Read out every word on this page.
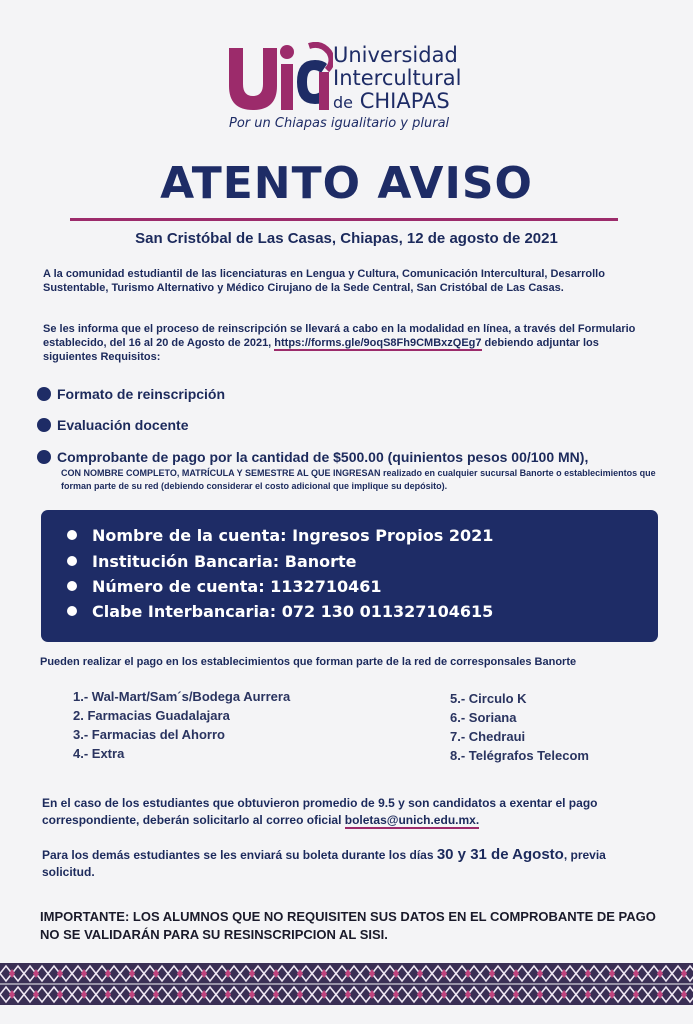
Universidad
Intercultural
de CHIAPAS
Por un Chiapas igualitario y plural
ATENTO AVISO
San Cristóbal de Las Casas, Chiapas, 12 de agosto de 2021
A la comunidad estudiantil de las licenciaturas en Lengua y Cultura, Comunicación Intercultural, Desarrollo Sustentable, Turismo Alternativo y Médico Cirujano de la Sede Central, San Cristóbal de Las Casas.
Se les informa que el proceso de reinscripción se llevará a cabo en la modalidad en línea, a través del Formulario establecido, del 16 al 20 de Agosto de 2021, https://forms.gle/9oqS8Fh9CMBxzQEg7 debiendo adjuntar los siguientes Requisitos:
Formato de reinscripción
Evaluación docente
Comprobante de pago por la cantidad de $500.00 (quinientos pesos 00/100 MN),
CON NOMBRE COMPLETO, MATRÍCULA Y SEMESTRE AL QUE INGRESAN realizado en cualquier sucursal Banorte o establecimientos que forman parte de su red (debiendo considerar el costo adicional que implique su depósito).
Nombre de la cuenta: Ingresos Propios 2021
Institución Bancaria: Banorte
Número de cuenta: 1132710461
Clabe Interbancaria: 072 130 011327104615
Pueden realizar el pago en los establecimientos que forman parte de la red de corresponsales Banorte
1.- Wal-Mart/Sam´s/Bodega Aurrera
2. Farmacias Guadalajara
3.- Farmacias del Ahorro
4.- Extra
5.- Circulo K
6.- Soriana
7.- Chedraui
8.- Telégrafos Telecom
En el caso de los estudiantes que obtuvieron promedio de 9.5 y son candidatos a exentar el pago correspondiente, deberán solicitarlo al correo oficial boletas@unich.edu.mx.
Para los demás estudiantes se les enviará su boleta durante los días 30 y 31 de Agosto, previa solicitud.
IMPORTANTE: LOS ALUMNOS QUE NO REQUISITEN SUS DATOS EN EL COMPROBANTE DE PAGO NO SE VALIDARÁN PARA SU RESINSCRIPCION AL SISI.
